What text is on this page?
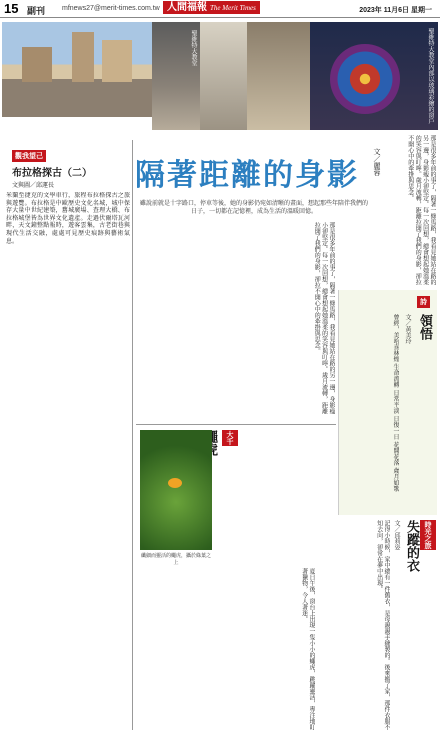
15 副刊 mfnews27@merit-times.com.tw 人間福報 The Merit Times	2023年 11月6日 星期一
聖維特大教堂	聖維特大教堂內部以玻璃彩繪的窗戶
觀我望己
布拉格探古（二）
文與圖／邱運長
米蘭至捷克的文學車行，旅程布拉格探古之旅與遊覽。布拉格是中歐歷史文化名城，城中保存大量中世紀建築，舊城廣場、查理大橋、布拉格城堡皆為世界文化遺產。走過伏爾塔瓦河畔，天文鐘整點報時，遊客雲集，古老街巷與現代生活交融，處處可見歷史痕跡與藝術氣息。
隔著距離的身影 文／麗蓉
雖說前就是十字路口，停車等後，她的身影仍宛如清晰的畫面，想起那些年陪伴我們的日子，一切都在記憶裡，成為生活的溫暖回憶。
那是很多年前的事了，隔著一條馬路，我看見她站在路的另一邊，身影瘦小卻堅定。每一次回想，總會想起她溫柔的笑容與叮嚀。歲月流轉，距離拉開了我們的身影，卻拉不開心中的牽掛與思念。
那是很多年前的事了，隔著一條馬路，我看見她站在路的另一邊，身影瘦小卻堅定。每一次回想，總會想起她溫柔的笑容與叮嚀。歲月流轉，距離拉開了我們的身影，卻拉不開心中的牽掛與思念。
詩
領悟
文／黃美玲
曾經，美哈喜林煙 生命流轉 日常平淡 日復一日 花開花落 歲月如歌
時光之旅
失蹤的衣
文／邱莉姿
記得小時候，家中總有一件舊衣，是母親親手縫製的。後來搬了家，那件衣服不知去向，卻常在夢中出現。
大千
纖細而靈活的蠅虎，攝於綠葉之上
夏日午後，窗台上出現一隻小小的蠅虎，跳躍靈活，專注地盯著獵物，令人著迷。
